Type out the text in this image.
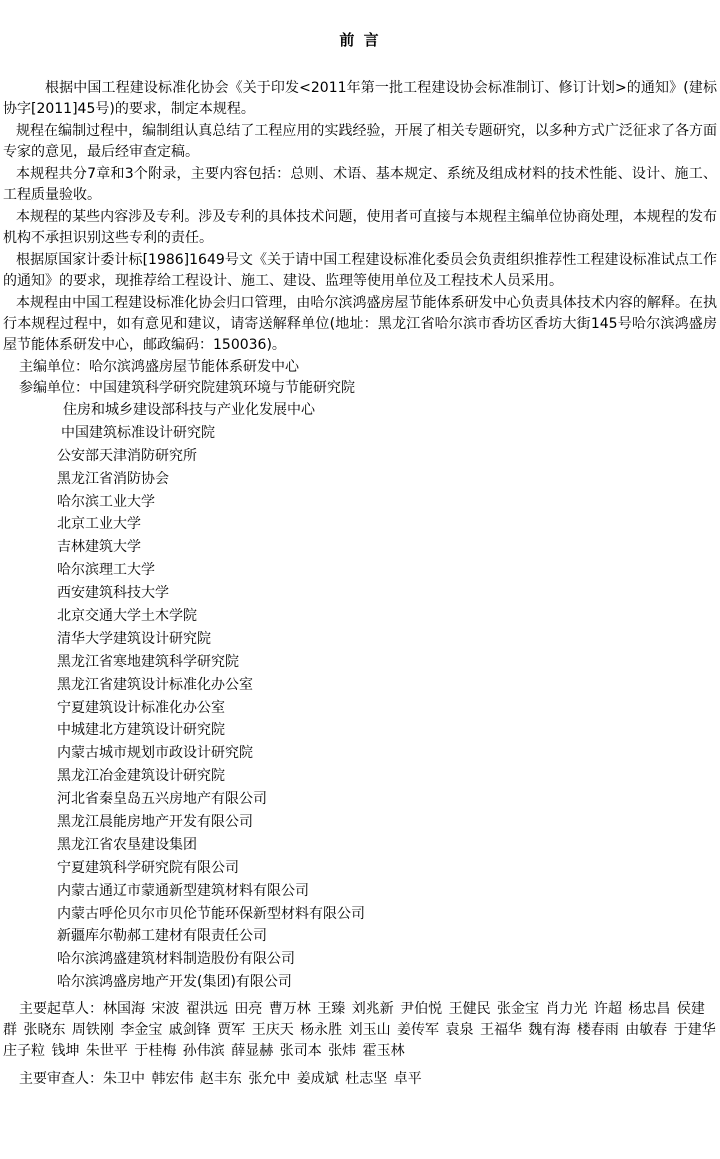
前 言

根据中国工程建设标准化协会《关于印发<2011年第一批工程建设协会标准制订、修订计划>的通知》(建标协字[2011]45号)的要求，制定本规程。

规程在编制过程中，编制组认真总结了工程应用的实践经验，开展了相关专题研究，以多种方式广泛征求了各方面专家的意见，最后经审查定稿。

本规程共分7章和3个附录，主要内容包括：总则、术语、基本规定、系统及组成材料的技术性能、设计、施工、工程质量验收。

本规程的某些内容涉及专利。涉及专利的具体技术问题，使用者可直接与本规程主编单位协商处理，本规程的发布机构不承担识别这些专利的责任。

根据原国家计委计标[1986]1649号文《关于请中国工程建设标准化委员会负责组织推荐性工程建设标准试点工作的通知》的要求，现推荐给工程设计、施工、建设、监理等使用单位及工程技术人员采用。

本规程由中国工程建设标准化协会归口管理，由哈尔滨鸿盛房屋节能体系研发中心负责具体技术内容的解释。在执行本规程过程中，如有意见和建议，请寄送解释单位(地址：黑龙江省哈尔滨市香坊区香坊大街145号哈尔滨鸿盛房屋节能体系研发中心，邮政编码：150036)。

主编单位：哈尔滨鸿盛房屋节能体系研发中心

参编单位：中国建筑科学研究院建筑环境与节能研究院

住房和城乡建设部科技与产业化发展中心
中国建筑标准设计研究院
公安部天津消防研究所
黑龙江省消防协会
哈尔滨工业大学
北京工业大学
吉林建筑大学
哈尔滨理工大学
西安建筑科技大学
北京交通大学土木学院
清华大学建筑设计研究院
黑龙江省寒地建筑科学研究院
黑龙江省建筑设计标准化办公室
宁夏建筑设计标准化办公室
中城建北方建筑设计研究院
内蒙古城市规划市政设计研究院
黑龙江冶金建筑设计研究院
河北省秦皇岛五兴房地产有限公司
黑龙江晨能房地产开发有限公司
黑龙江省农垦建设集团
宁夏建筑科学研究院有限公司
内蒙古通辽市蒙通新型建筑材料有限公司
内蒙古呼伦贝尔市贝伦节能环保新型材料有限公司
新疆库尔勒郝工建材有限责任公司
哈尔滨鸿盛建筑材料制造股份有限公司
哈尔滨鸿盛房地产开发(集团)有限公司

主要起草人：林国海 宋波 翟洪远 田亮 曹万林 王臻 刘兆新 尹伯悦 王健民 张金宝 肖力光 许超 杨忠昌 侯建群 张晓东 周铁刚 李金宝 戚剑锋 贾军 王庆天 杨永胜 刘玉山 姜传军 袁泉 王福华 魏有海 楼春雨 由敏春 于建华 庄子粒 钱坤 朱世平 于桂梅 孙伟滨 薛显赫 张司本 张炜 霍玉林

主要审查人：朱卫中 韩宏伟 赵丰东 张允中 姜成斌 杜志坚 卓平
